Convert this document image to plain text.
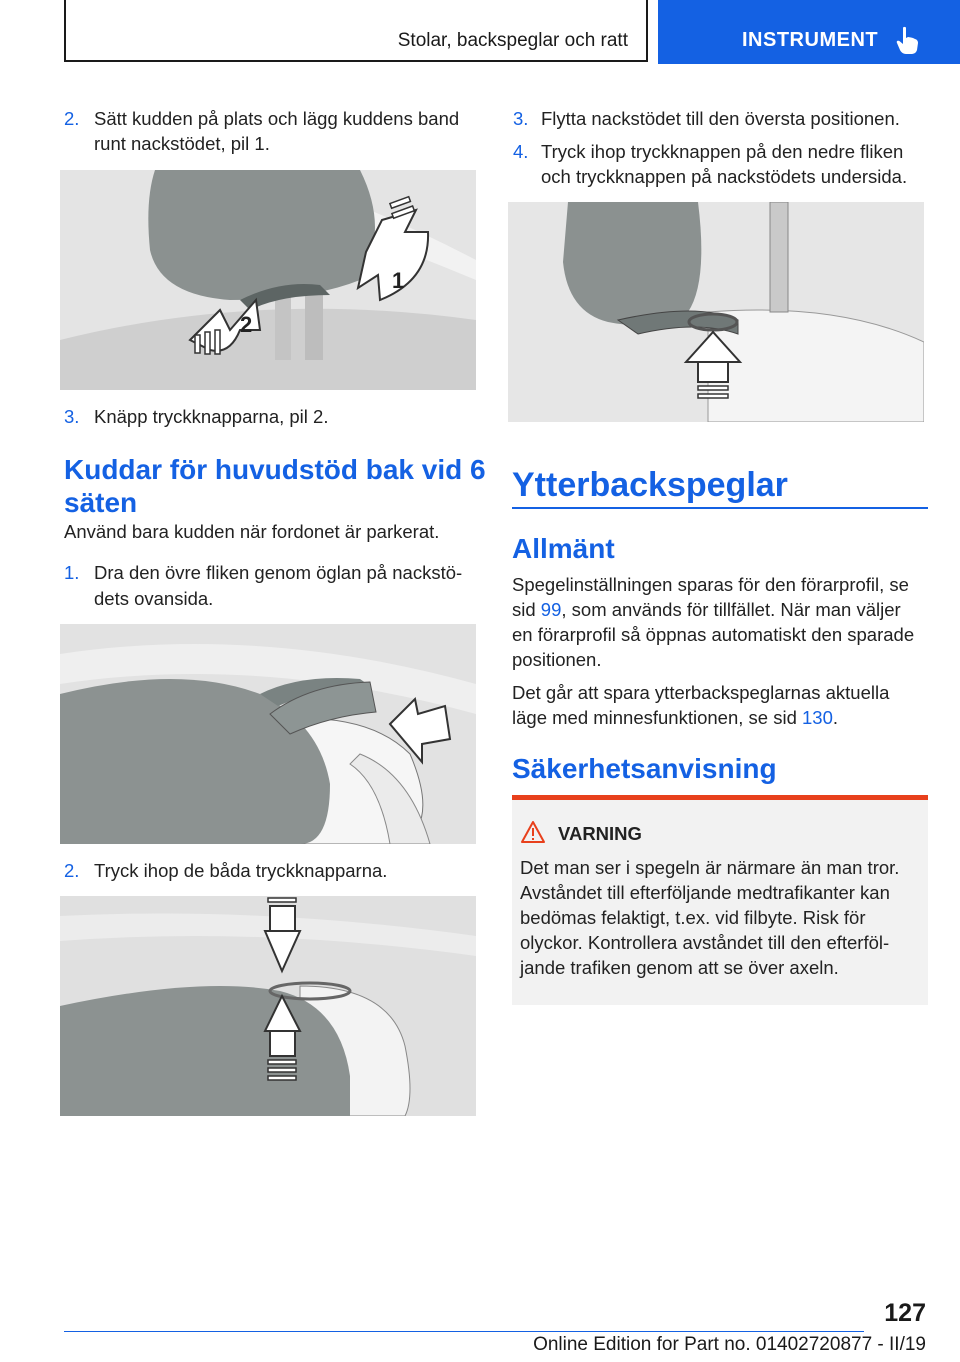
Stolar, backspeglar och ratt	INSTRUMENT
2. Sätt kudden på plats och lägg kuddens band
runt nackstödet, pil 1.
1
2
3. Knäpp tryckknapparna, pil 2.
Kuddar för huvudstöd bak vid 6
säten
Använd bara kudden när fordonet är parkerat.
1. Dra den övre fliken genom öglan på nackstö-
dets ovansida.
2. Tryck ihop de båda tryckknapparna.
3. Flytta nackstödet till den översta positionen.
4. Tryck ihop tryckknappen på den nedre fliken
och tryckknappen på nackstödets undersida.
Ytterbackspeglar
Allmänt
Spegelinställningen sparas för den förarprofil, se
sid 99, som används för tillfället. När man väljer
en förarprofil så öppnas automatiskt den sparade
positionen.
Det går att spara ytterbackspeglarnas aktuella
läge med minnesfunktionen, se sid 130.
Säkerhetsanvisning
VARNING
Det man ser i spegeln är närmare än man tror.
Avståndet till efterföljande medtrafikanter kan
bedömas felaktigt, t.ex. vid filbyte. Risk för
olyckor. Kontrollera avståndet till den efterföl-
jande trafiken genom att se över axeln.
127
Online Edition for Part no. 01402720877 - II/19
